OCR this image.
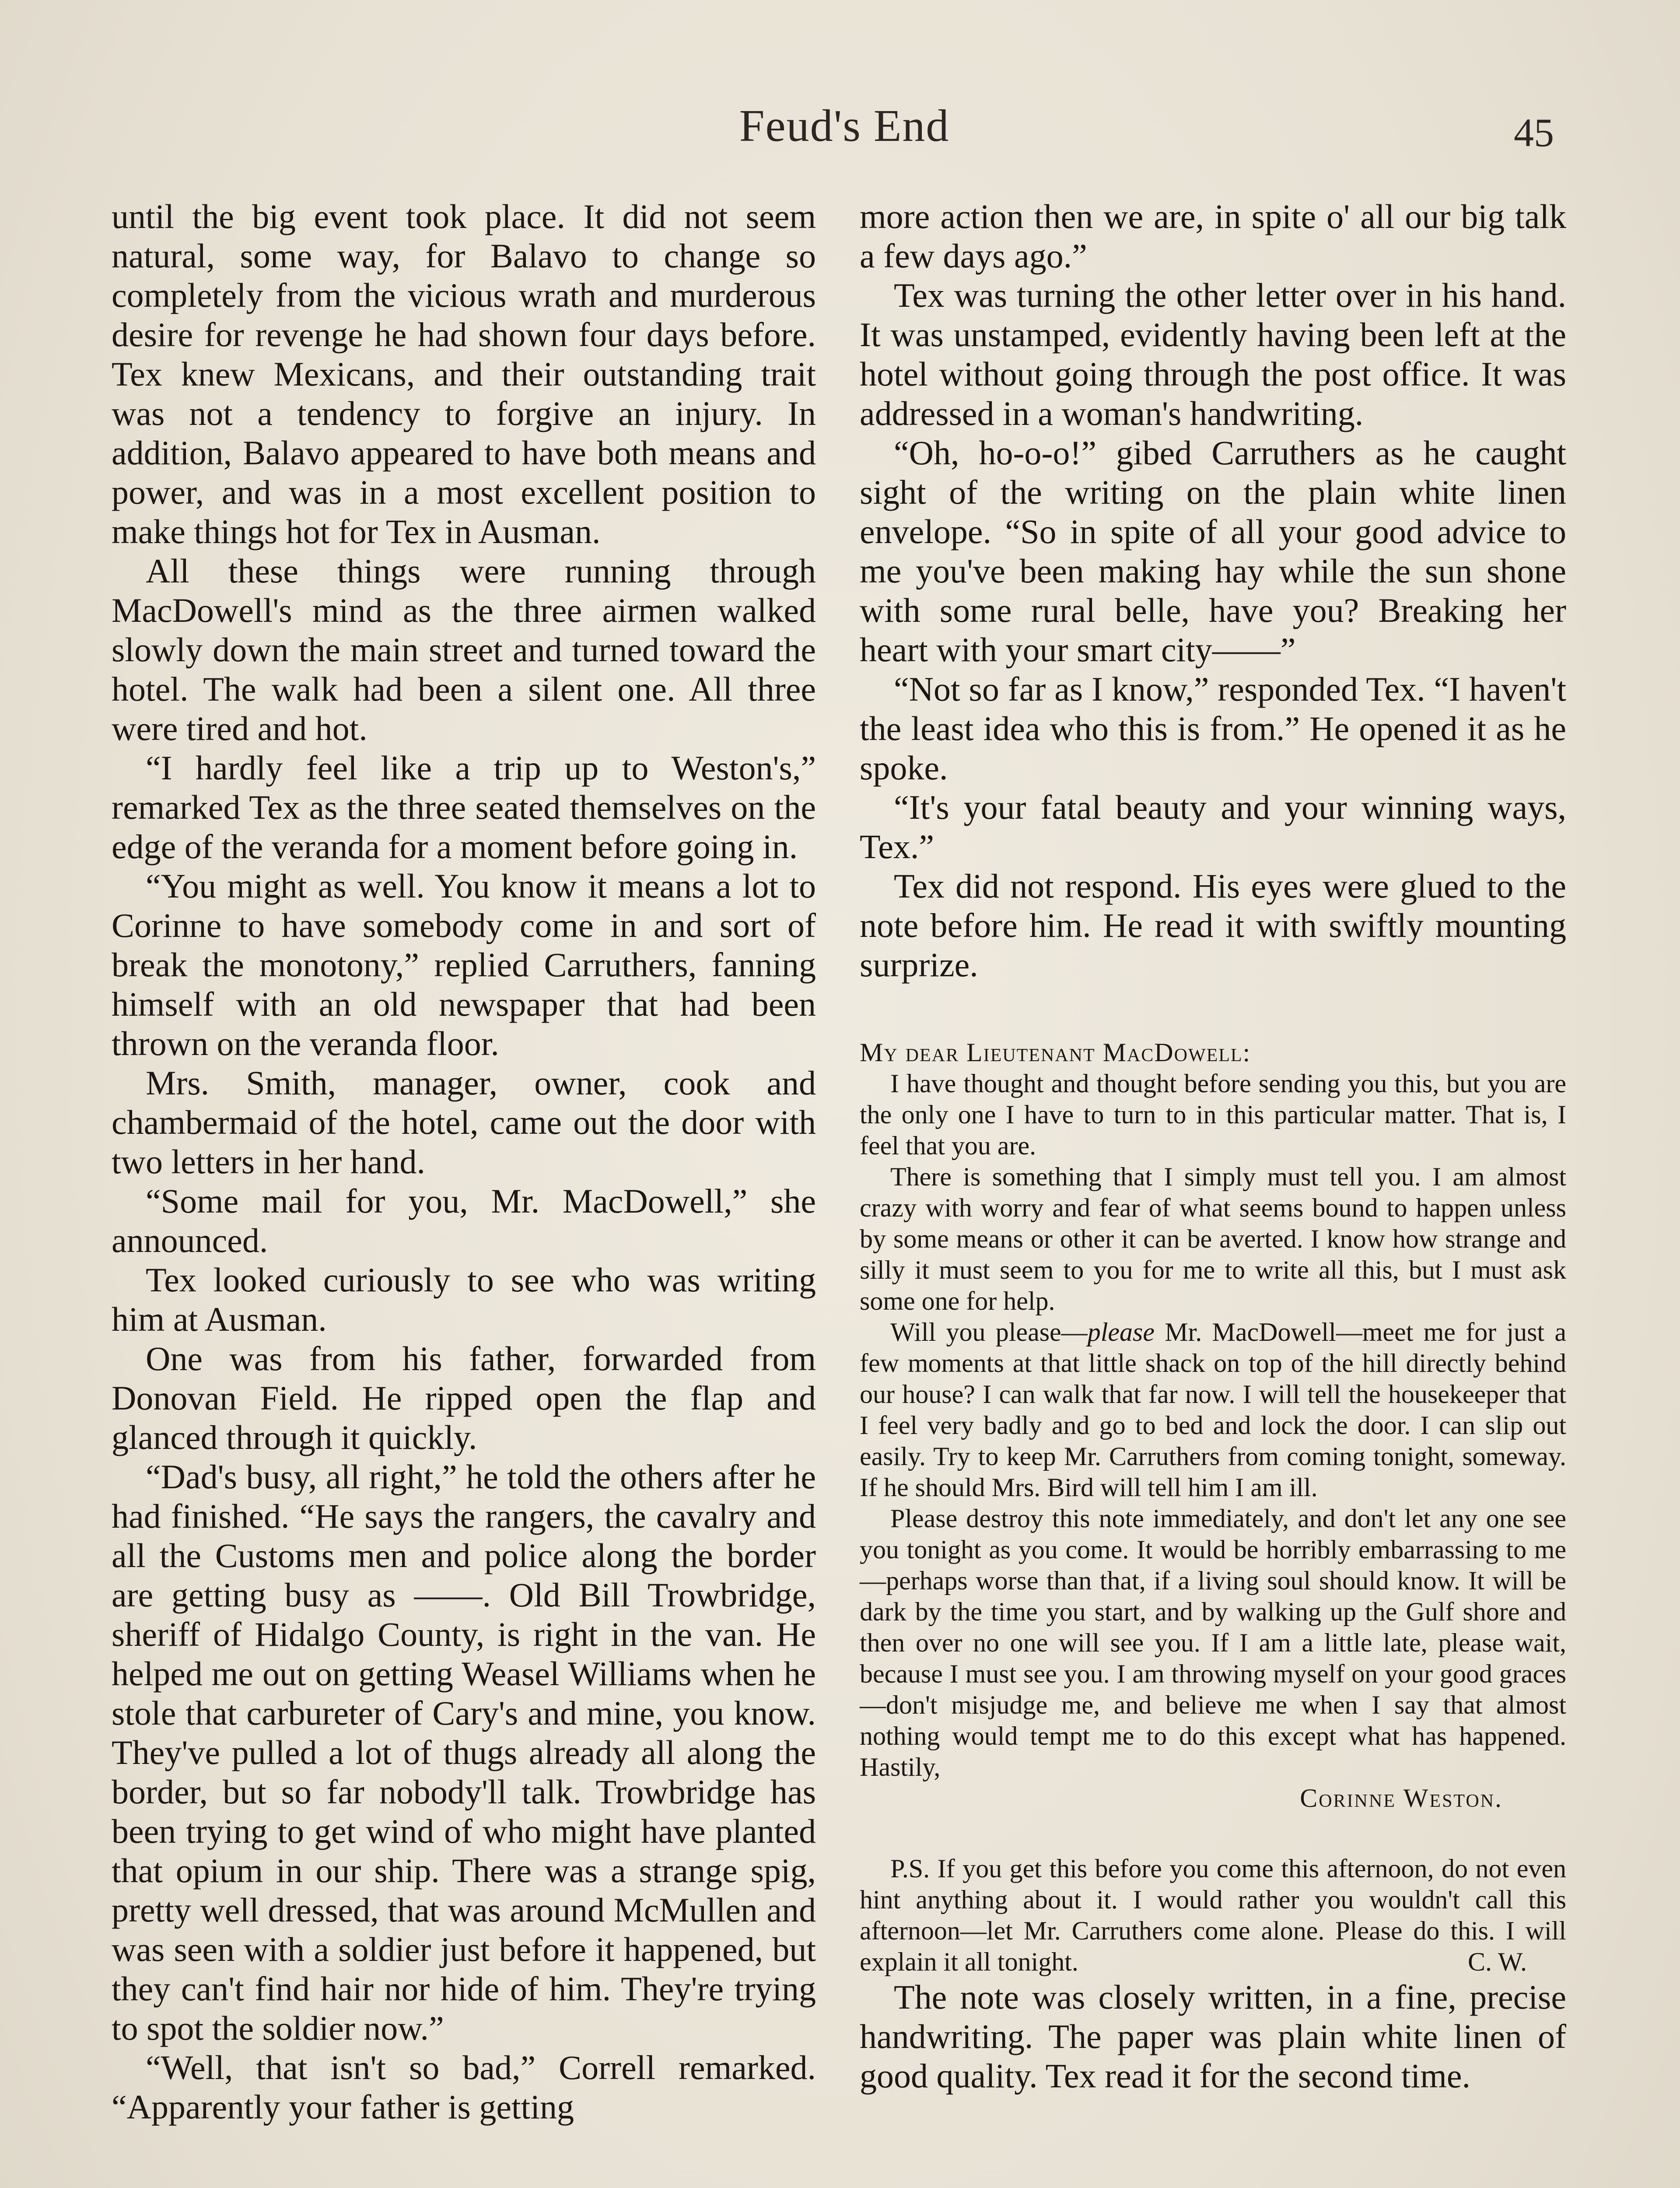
Feud's End	45

until the big event took place. It did not seem natural, some way, for Balavo to change so completely from the vicious wrath and murderous desire for revenge he had shown four days before. Tex knew Mexicans, and their outstanding trait was not a tendency to forgive an injury. In addition, Balavo appeared to have both means and power, and was in a most excellent position to make things hot for Tex in Ausman.

All these things were running through MacDowell's mind as the three airmen walked slowly down the main street and turned toward the hotel. The walk had been a silent one. All three were tired and hot.

“I hardly feel like a trip up to Weston's,” remarked Tex as the three seated themselves on the edge of the veranda for a moment before going in.

“You might as well. You know it means a lot to Corinne to have somebody come in and sort of break the monotony,” replied Carruthers, fanning himself with an old newspaper that had been thrown on the veranda floor.

Mrs. Smith, manager, owner, cook and chambermaid of the hotel, came out the door with two letters in her hand.

“Some mail for you, Mr. MacDowell,” she announced.

Tex looked curiously to see who was writing him at Ausman.

One was from his father, forwarded from Donovan Field. He ripped open the flap and glanced through it quickly.

“Dad's busy, all right,” he told the others after he had finished. “He says the rangers, the cavalry and all the Customs men and police along the border are getting busy as ——. Old Bill Trowbridge, sheriff of Hidalgo County, is right in the van. He helped me out on getting Weasel Williams when he stole that carbureter of Cary's and mine, you know. They've pulled a lot of thugs already all along the border, but so far nobody'll talk. Trowbridge has been trying to get wind of who might have planted that opium in our ship. There was a strange spig, pretty well dressed, that was around McMullen and was seen with a soldier just before it happened, but they can't find hair nor hide of him. They're trying to spot the soldier now.”

“Well, that isn't so bad,” Correll remarked. “Apparently your father is getting

more action then we are, in spite o' all our big talk a few days ago.”

Tex was turning the other letter over in his hand. It was unstamped, evidently having been left at the hotel without going through the post office. It was addressed in a woman's handwriting.

“Oh, ho-o-o!” gibed Carruthers as he caught sight of the writing on the plain white linen envelope. “So in spite of all your good advice to me you've been making hay while the sun shone with some rural belle, have you? Breaking her heart with your smart city——”

“Not so far as I know,” responded Tex. “I haven't the least idea who this is from.” He opened it as he spoke.

“It's your fatal beauty and your winning ways, Tex.”

Tex did not respond. His eyes were glued to the note before him. He read it with swiftly mounting surprize.

My dear Lieutenant MacDowell:

I have thought and thought before sending you this, but you are the only one I have to turn to in this particular matter. That is, I feel that you are.

There is something that I simply must tell you. I am almost crazy with worry and fear of what seems bound to happen unless by some means or other it can be averted. I know how strange and silly it must seem to you for me to write all this, but I must ask some one for help.

Will you please—please Mr. MacDowell—meet me for just a few moments at that little shack on top of the hill directly behind our house? I can walk that far now. I will tell the housekeeper that I feel very badly and go to bed and lock the door. I can slip out easily. Try to keep Mr. Carruthers from coming tonight, someway. If he should Mrs. Bird will tell him I am ill.

Please destroy this note immediately, and don't let any one see you tonight as you come. It would be horribly embarrassing to me—perhaps worse than that, if a living soul should know. It will be dark by the time you start, and by walking up the Gulf shore and then over no one will see you. If I am a little late, please wait, because I must see you. I am throwing myself on your good graces—don't misjudge me, and believe me when I say that almost nothing would tempt me to do this except what has happened. Hastily,

Corinne Weston.

P.S. If you get this before you come this afternoon, do not even hint anything about it. I would rather you wouldn't call this afternoon—let Mr. Carruthers come alone. Please do this. I will explain it all tonight.	C. W.

The note was closely written, in a fine, precise handwriting. The paper was plain white linen of good quality. Tex read it for the second time.
